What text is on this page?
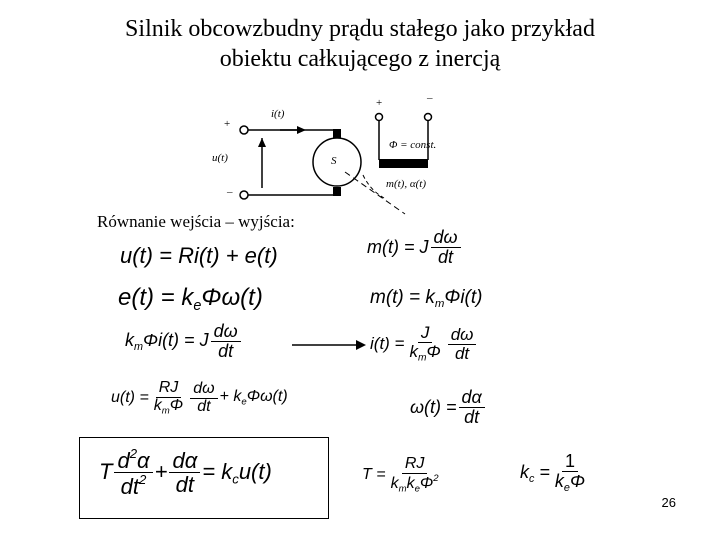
Silnik obcowzbudny prądu stałego jako przykład
obiektu całkującego z inercją
+
–
i(t)
u(t)	S
+	–
Φ = const.
m(t), α(t)
Równanie wejścia – wyjścia:
u(t) = Ri(t) + e(t)
$e(t) = k_e\Phi\omega(t)$
$k_m\Phi i(t) = J \frac{d\omega}{dt}$
$u(t) = \frac{RJ}{k_m\Phi} \frac{d\omega}{dt} + k_e\Phi\omega(t)$
T $\frac{d^2\alpha}{dt^2} + \frac{d\alpha}{dt} = k_cu(t)$
m(t) = J $\frac{d\omega}{dt}$
$m(t) = k_m\Phi i(t)$
$i(t) = \frac{J}{k_m\Phi} \frac{d\omega}{dt}$
$\omega(t) = \frac{d\alpha}{dt}$
$T = \frac{RJ}{k_mk_e\Phi^2}$	$k_c = \frac{1}{k_e\Phi}$
26
